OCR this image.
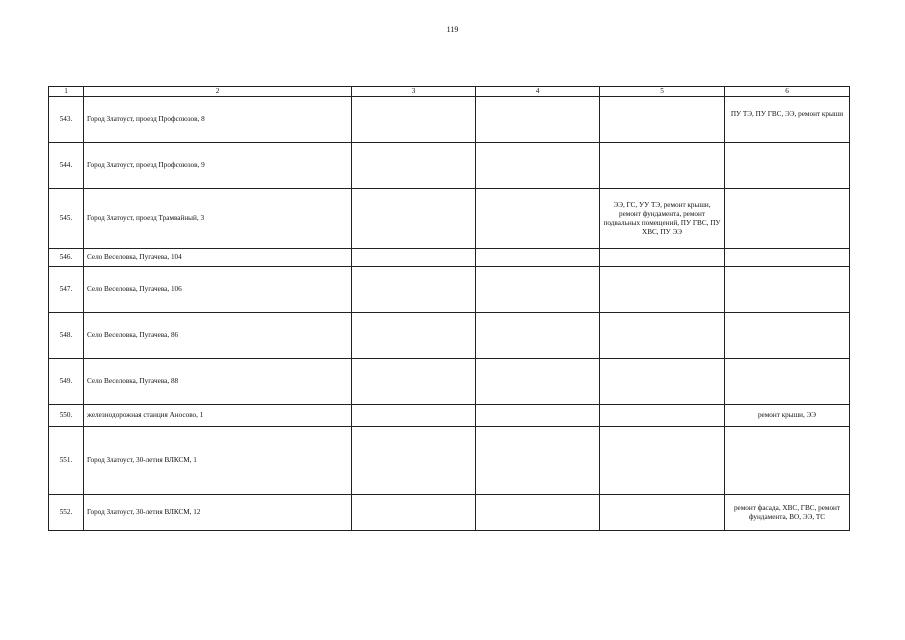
119
1	2	3	4	5	6
543.	Город Златоуст, проезд Профсоюзов, 8				ПУ ТЭ, ПУ ГВС, ЭЭ, ремонт крыши
544.	Город Златоуст, проезд Профсоюзов, 9				
545.	Город Златоуст, проезд Трамвайный, 3			ЭЭ, ГС, УУ ТЭ, ремонт крыши, ремонт фундамента, ремонт подвальных помещений, ПУ ГВС, ПУ ХВС, ПУ ЭЭ	
546.	Село Веселовка, Пугачева, 104				
547.	Село Веселовка, Пугачева, 106				
548.	Село Веселовка, Пугачева, 86				
549.	Село Веселовка, Пугачева, 88				
550.	железнодорожная станция Аносово, 1				ремонт крыши, ЭЭ
551.	Город Златоуст, 30-летия ВЛКСМ, 1				
552.	Город Златоуст, 30-летия ВЛКСМ, 12				ремонт фасада, ХВС, ГВС, ремонт фундамента, ВО, ЭЭ, ТС
